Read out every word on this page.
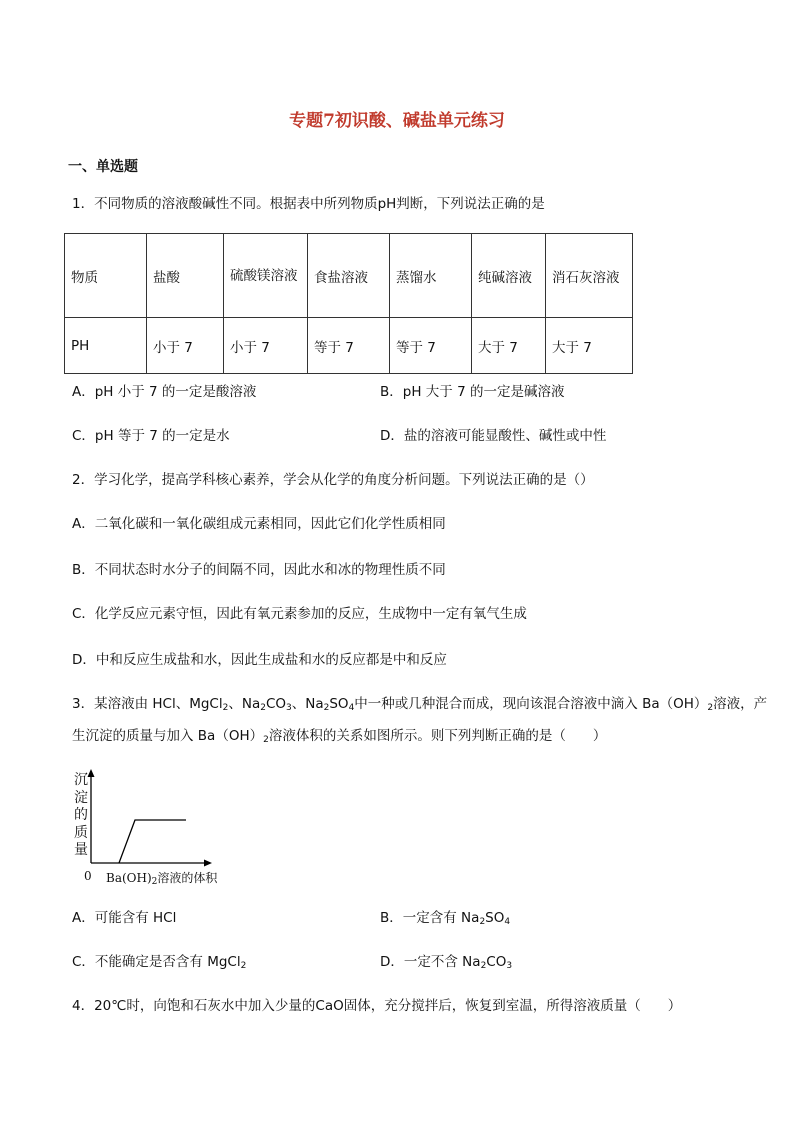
专题7初识酸、碱盐单元练习
一、单选题
1．不同物质的溶液酸碱性不同。根据表中所列物质pH判断，下列说法正确的是
物质	盐酸	硫酸镁溶液	食盐溶液	蒸馏水	纯碱溶液	消石灰溶液
PH	小于 7	小于 7	等于 7	等于 7	大于 7	大于 7
A．pH 小于 7 的一定是酸溶液	B．pH 大于 7 的一定是碱溶液
C．pH 等于 7 的一定是水	D．盐的溶液可能显酸性、碱性或中性
2．学习化学，提高学科核心素养，学会从化学的角度分析问题。下列说法正确的是（）
A．二氧化碳和一氧化碳组成元素相同，因此它们化学性质相同
B．不同状态时水分子的间隔不同，因此水和冰的物理性质不同
C．化学反应元素守恒，因此有氧元素参加的反应，生成物中一定有氧气生成
D．中和反应生成盐和水，因此生成盐和水的反应都是中和反应
3．某溶液由 HCl、MgCl$_2$、$Na_2CO_3$、$Na_2SO_4$中一种或几种混合而成，现向该混合溶液中滴入 $Ba(OH)_2$溶液，产
生沉淀的质量与加入 $Ba(OH)_2$溶液体积的关系如图所示。则下列判断正确的是（　　）
沉淀的质量
0 $Ba(OH)_2$溶液的体积
A．可能含有 HCl	B．一定含有 $Na_2SO_4$
C．不能确定是否含有 MgCl$_2$	D．一定不含 $Na_2CO_3$
4．20℃时，向饱和石灰水中加入少量的CaO固体，充分搅拌后，恢复到室温，所得溶液质量（　　）
